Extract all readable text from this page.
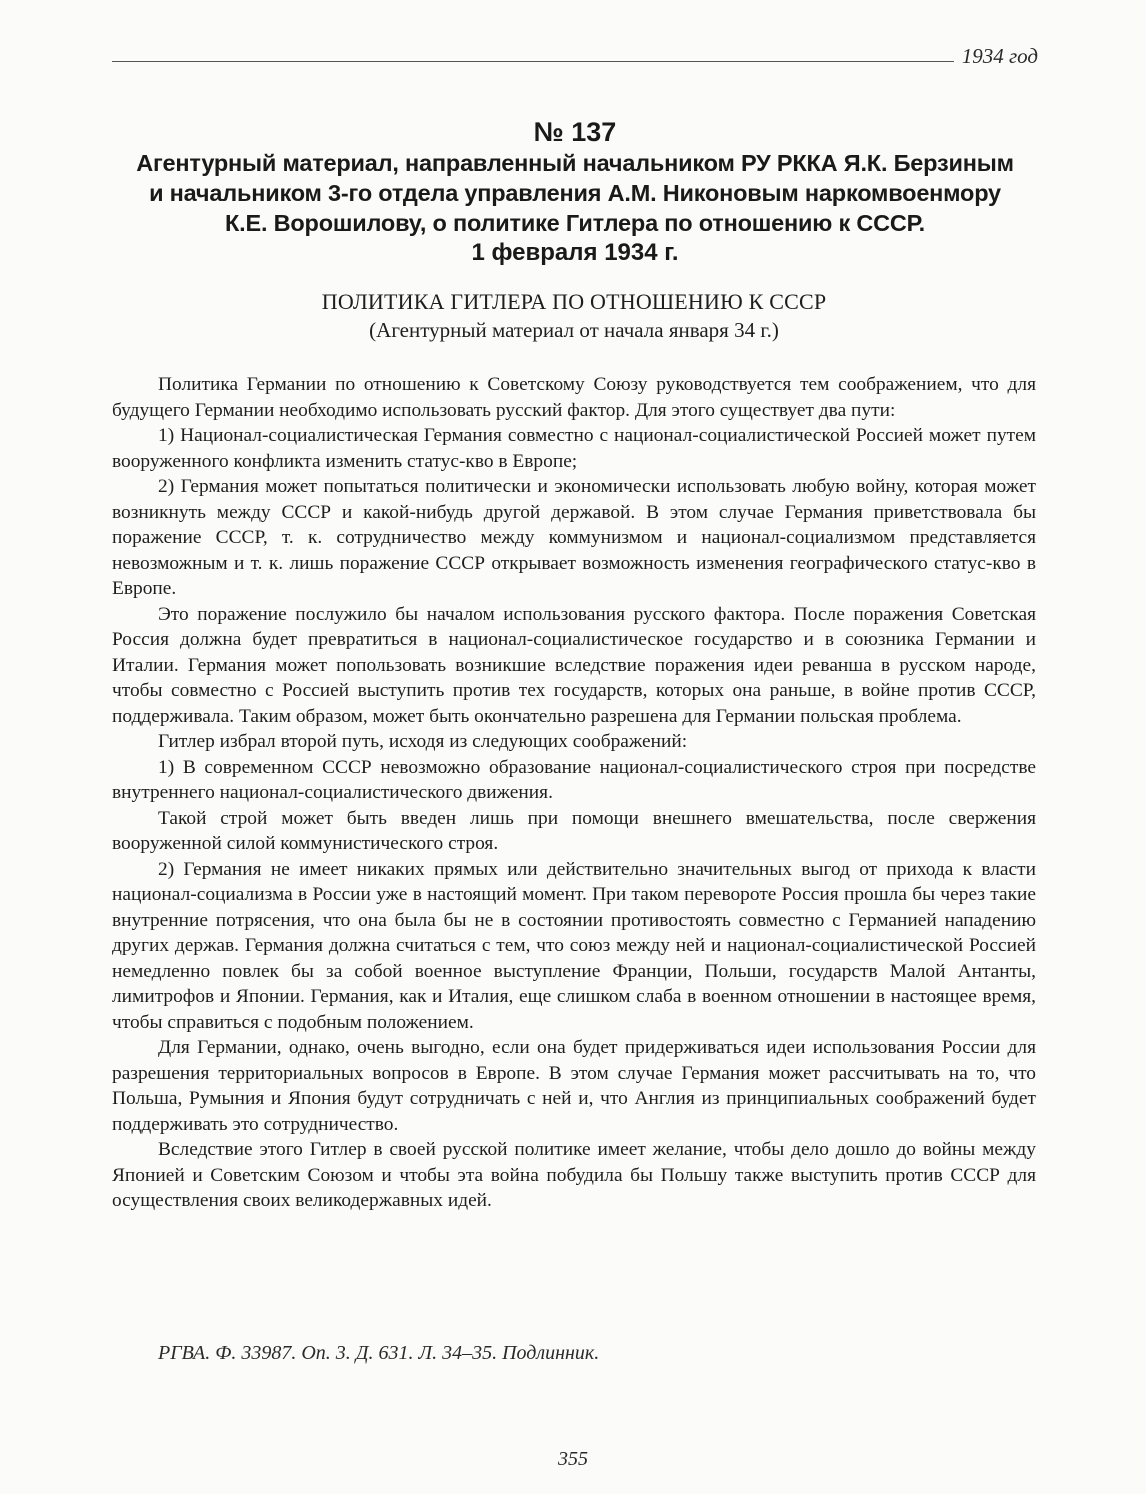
1934 год
№ 137
Агентурный материал, направленный начальником РУ РККА Я.К. Берзиным
и начальником 3-го отдела управления А.М. Никоновым наркомвоенмору
К.Е. Ворошилову, о политике Гитлера по отношению к СССР.
1 февраля 1934 г.
ПОЛИТИКА ГИТЛЕРА ПО ОТНОШЕНИЮ К СССР
(Агентурный материал от начала января 34 г.)

Политика Германии по отношению к Советскому Союзу руководствуется тем соображением, что для будущего Германии необходимо использовать русский фактор. Для этого существует два пути:

1) Национал-социалистическая Германия совместно с национал-социалистической Россией может путем вооруженного конфликта изменить статус-кво в Европе;

2) Германия может попытаться политически и экономически использовать любую войну, которая может возникнуть между СССР и какой-нибудь другой державой. В этом случае Германия приветствовала бы поражение СССР, т. к. сотрудничество между коммунизмом и национал-социализмом представляется невозможным и т. к. лишь поражение СССР открывает возможность изменения географического статус-кво в Европе.

Это поражение послужило бы началом использования русского фактора. После поражения Советская Россия должна будет превратиться в национал-социалистическое государство и в союзника Германии и Италии. Германия может попользовать возникшие вследствие поражения идеи реванша в русском народе, чтобы совместно с Россией выступить против тех государств, которых она раньше, в войне против СССР, поддерживала. Таким образом, может быть окончательно разрешена для Германии польская проблема.

Гитлер избрал второй путь, исходя из следующих соображений:

1) В современном СССР невозможно образование национал-социалистического строя при посредстве внутреннего национал-социалистического движения.

Такой строй может быть введен лишь при помощи внешнего вмешательства, после свержения вооруженной силой коммунистического строя.

2) Германия не имеет никаких прямых или действительно значительных выгод от прихода к власти национал-социализма в России уже в настоящий момент. При таком перевороте Россия прошла бы через такие внутренние потрясения, что она была бы не в состоянии противостоять совместно с Германией нападению других держав. Германия должна считаться с тем, что союз между ней и национал-социалистической Россией немедленно повлек бы за собой военное выступление Франции, Польши, государств Малой Антанты, лимитрофов и Японии. Германия, как и Италия, еще слишком слаба в военном отношении в настоящее время, чтобы справиться с подобным положением.

Для Германии, однако, очень выгодно, если она будет придерживаться идеи использования России для разрешения территориальных вопросов в Европе. В этом случае Германия может рассчитывать на то, что Польша, Румыния и Япония будут сотрудничать с ней и, что Англия из принципиальных соображений будет поддерживать это сотрудничество.

Вследствие этого Гитлер в своей русской политике имеет желание, чтобы дело дошло до войны между Японией и Советским Союзом и чтобы эта война побудила бы Польшу также выступить против СССР для осуществления своих великодержавных идей.

РГВА. Ф. 33987. Оп. 3. Д. 631. Л. 34–35. Подлинник.
355
